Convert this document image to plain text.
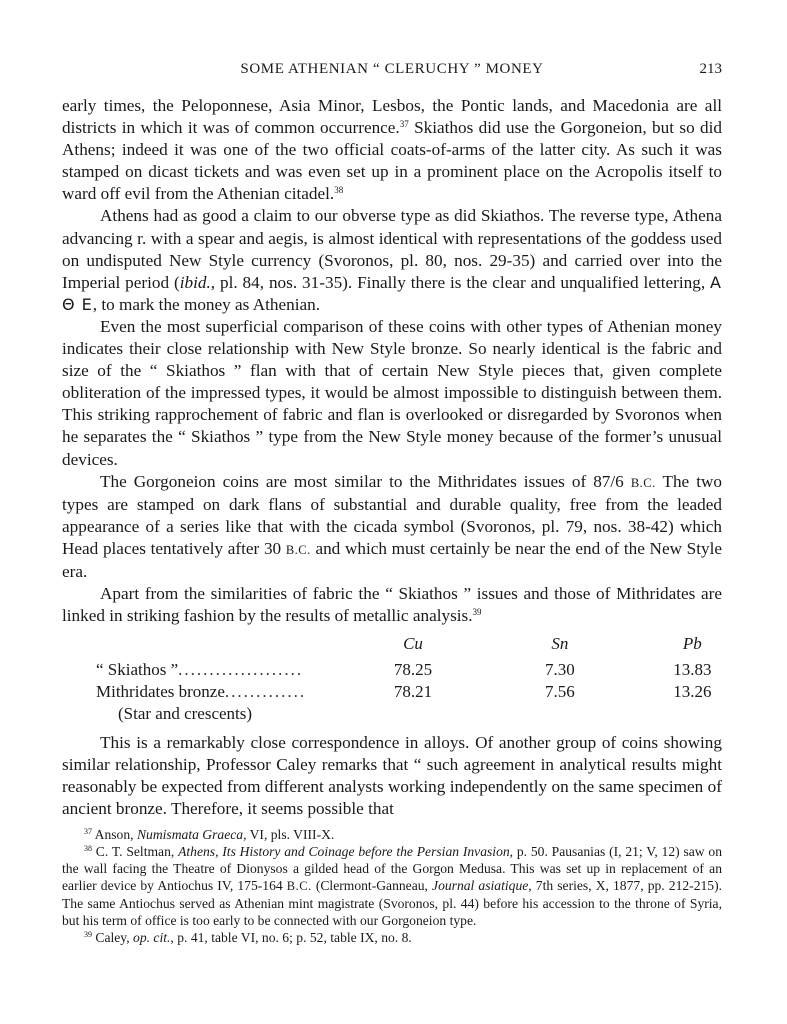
SOME ATHENIAN “ CLERUCHY ” MONEY	213

early times, the Peloponnese, Asia Minor, Lesbos, the Pontic lands, and Macedonia are all districts in which it was of common occurrence.$^{37}$ Skiathos did use the Gorgoneion, but so did Athens; indeed it was one of the two official coats-of-arms of the latter city. As such it was stamped on dicast tickets and was even set up in a prominent place on the Acropolis itself to ward off evil from the Athenian citadel.$^{38}$

Athens had as good a claim to our obverse type as did Skiathos. The reverse type, Athena advancing r. with a spear and aegis, is almost identical with representations of the goddess used on undisputed New Style currency (Svoronos, pl. 80, nos. 29-35) and carried over into the Imperial period (ibid., pl. 84, nos. 31-35). Finally there is the clear and unqualified lettering, Α Θ Ε, to mark the money as Athenian.

Even the most superficial comparison of these coins with other types of Athenian money indicates their close relationship with New Style bronze. So nearly identical is the fabric and size of the “ Skiathos ” flan with that of certain New Style pieces that, given complete obliteration of the impressed types, it would be almost impossible to distinguish between them. This striking rapprochement of fabric and flan is overlooked or disregarded by Svoronos when he separates the “ Skiathos ” type from the New Style money because of the former’s unusual devices.

The Gorgoneion coins are most similar to the Mithridates issues of 87/6 B.C. The two types are stamped on dark flans of substantial and durable quality, free from the leaded appearance of a series like that with the cicada symbol (Svoronos, pl. 79, nos. 38-42) which Head places tentatively after 30 B.C. and which must certainly be near the end of the New Style era.

Apart from the similarities of fabric the “ Skiathos ” issues and those of Mithridates are linked in striking fashion by the results of metallic analysis.$^{39}$

	Cu	Sn	Pb
“ Skiathos ”....................	78.25	7.30	13.83
Mithridates bronze.............	78.21	7.56	13.26
(Star and crescents)			

This is a remarkably close correspondence in alloys. Of another group of coins showing similar relationship, Professor Caley remarks that “ such agreement in analytical results might reasonably be expected from different analysts working independently on the same specimen of ancient bronze. Therefore, it seems possible that

$^{37}$ Anson, Numismata Graeca, VI, pls. VIII-X.

$^{38}$ C. T. Seltman, Athens, Its History and Coinage before the Persian Invasion, p. 50. Pausanias (I, 21; V, 12) saw on the wall facing the Theatre of Dionysos a gilded head of the Gorgon Medusa. This was set up in replacement of an earlier device by Antiochus IV, 175-164 B.C. (Clermont-Ganneau, Journal asiatique, 7th series, X, 1877, pp. 212-215). The same Antiochus served as Athenian mint magistrate (Svoronos, pl. 44) before his accession to the throne of Syria, but his term of office is too early to be connected with our Gorgoneion type.

$^{39}$ Caley, op. cit., p. 41, table VI, no. 6; p. 52, table IX, no. 8.
